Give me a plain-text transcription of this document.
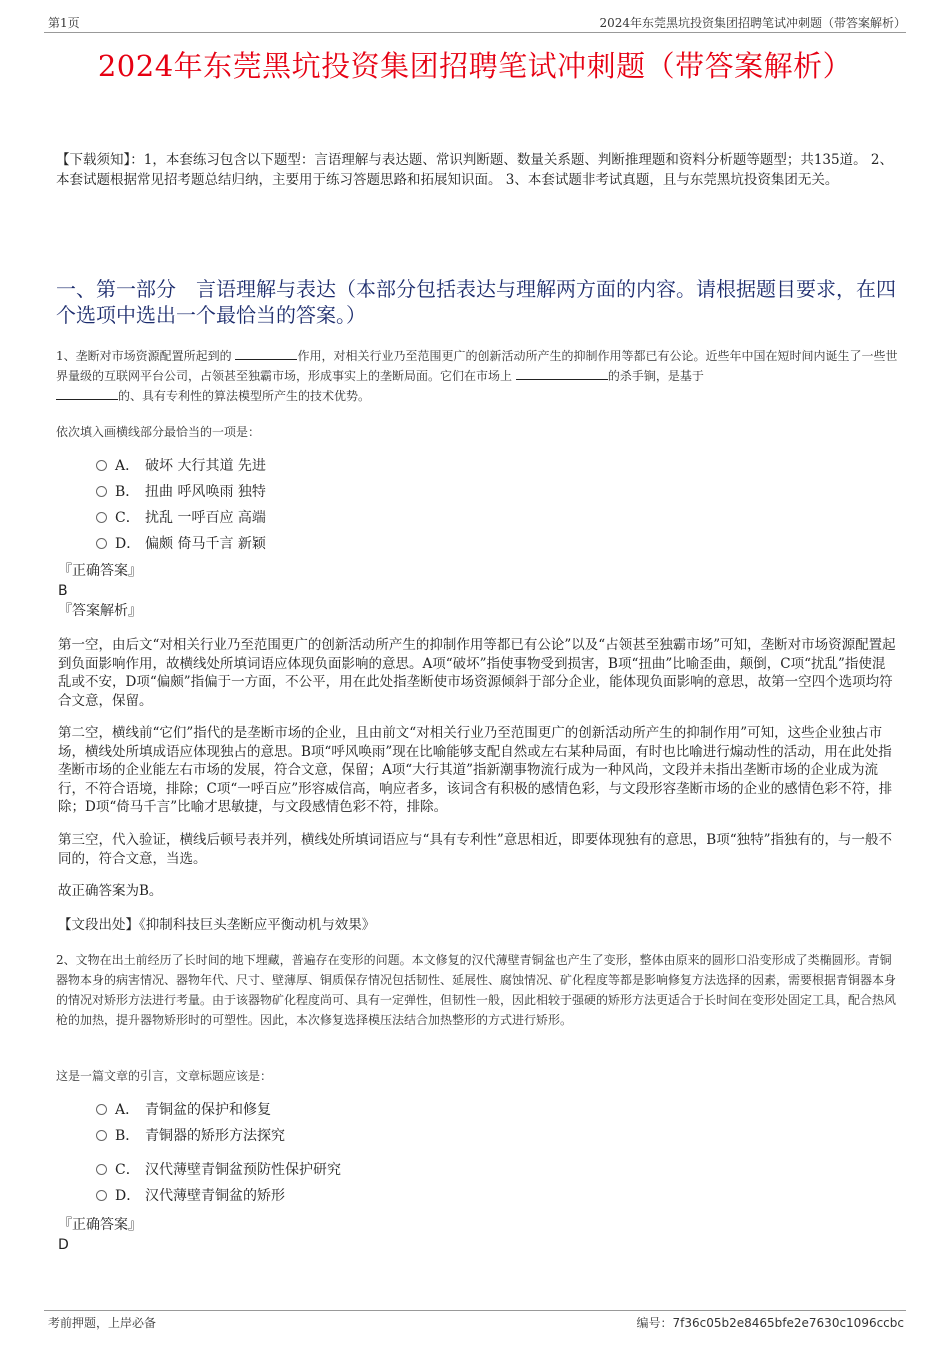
第1页	2024年东莞黑坑投资集团招聘笔试冲刺题（带答案解析）
2024年东莞黑坑投资集团招聘笔试冲刺题（带答案解析）
【下载须知】：1，本套练习包含以下题型：言语理解与表达题、常识判断题、数量关系题、判断推理题和资料分析题等题型；共135道。 2、本套试题根据常见招考题总结归纳，主要用于练习答题思路和拓展知识面。 3、本套试题非考试真题，且与东莞黑坑投资集团无关。
一、第一部分　言语理解与表达（本部分包括表达与理解两方面的内容。请根据题目要求，在四个选项中选出一个最恰当的答案。）
1、垄断对市场资源配置所起到的	作用，对相关行业乃至范围更广的创新活动所产生的抑制作用等都已有公论。近些年中国在短时间内诞生了一些世界量级的互联网平台公司，占领甚至独霸市场，形成事实上的垄断局面。它们在市场上	的杀手锏，是基于
的、具有专利性的算法模型所产生的技术优势。
依次填入画横线部分最恰当的一项是：
A． 破坏 大行其道 先进
B． 扭曲 呼风唤雨 独特
C． 扰乱 一呼百应 高端
D． 偏颇 倚马千言 新颖
『正确答案』
B
『答案解析』
第一空，由后文“对相关行业乃至范围更广的创新活动所产生的抑制作用等都已有公论”以及“占领甚至独霸市场”可知，垄断对市场资源配置起到负面影响作用，故横线处所填词语应体现负面影响的意思。A项“破坏”指使事物受到损害，B项“扭曲”比喻歪曲，颠倒，C项“扰乱”指使混乱或不安，D项“偏颇”指偏于一方面，不公平，用在此处指垄断使市场资源倾斜于部分企业，能体现负面影响的意思，故第一空四个选项均符合文意，保留。
第二空，横线前“它们”指代的是垄断市场的企业，且由前文“对相关行业乃至范围更广的创新活动所产生的抑制作用”可知，这些企业独占市场，横线处所填成语应体现独占的意思。B项“呼风唤雨”现在比喻能够支配自然或左右某种局面，有时也比喻进行煽动性的活动，用在此处指垄断市场的企业能左右市场的发展，符合文意，保留；A项“大行其道”指新潮事物流行成为一种风尚，文段并未指出垄断市场的企业成为流行，不符合语境，排除；C项“一呼百应”形容威信高，响应者多，该词含有积极的感情色彩，与文段形容垄断市场的企业的感情色彩不符，排除；D项“倚马千言”比喻才思敏捷，与文段感情色彩不符，排除。
第三空，代入验证，横线后顿号表并列，横线处所填词语应与“具有专利性”意思相近，即要体现独有的意思，B项“独特”指独有的，与一般不同的，符合文意，当选。
故正确答案为B。
【文段出处】《抑制科技巨头垄断应平衡动机与效果》
2、文物在出土前经历了长时间的地下埋藏，普遍存在变形的问题。本文修复的汉代薄壁青铜盆也产生了变形，整体由原来的圆形口沿变形成了类椭圆形。青铜器物本身的病害情况、器物年代、尺寸、壁薄厚、铜质保存情况包括韧性、延展性、腐蚀情况、矿化程度等都是影响修复方法选择的因素，需要根据青铜器本身的情况对矫形方法进行考量。由于该器物矿化程度尚可、具有一定弹性，但韧性一般，因此相较于强硬的矫形方法更适合于长时间在变形处固定工具，配合热风枪的加热，提升器物矫形时的可塑性。因此，本次修复选择模压法结合加热整形的方式进行矫形。
这是一篇文章的引言，文章标题应该是：
A． 青铜盆的保护和修复
B． 青铜器的矫形方法探究
C． 汉代薄壁青铜盆预防性保护研究
D． 汉代薄壁青铜盆的矫形
『正确答案』
D
考前押题，上岸必备	编号：7f36c05b2e8465bfe2e7630c1096ccbc
